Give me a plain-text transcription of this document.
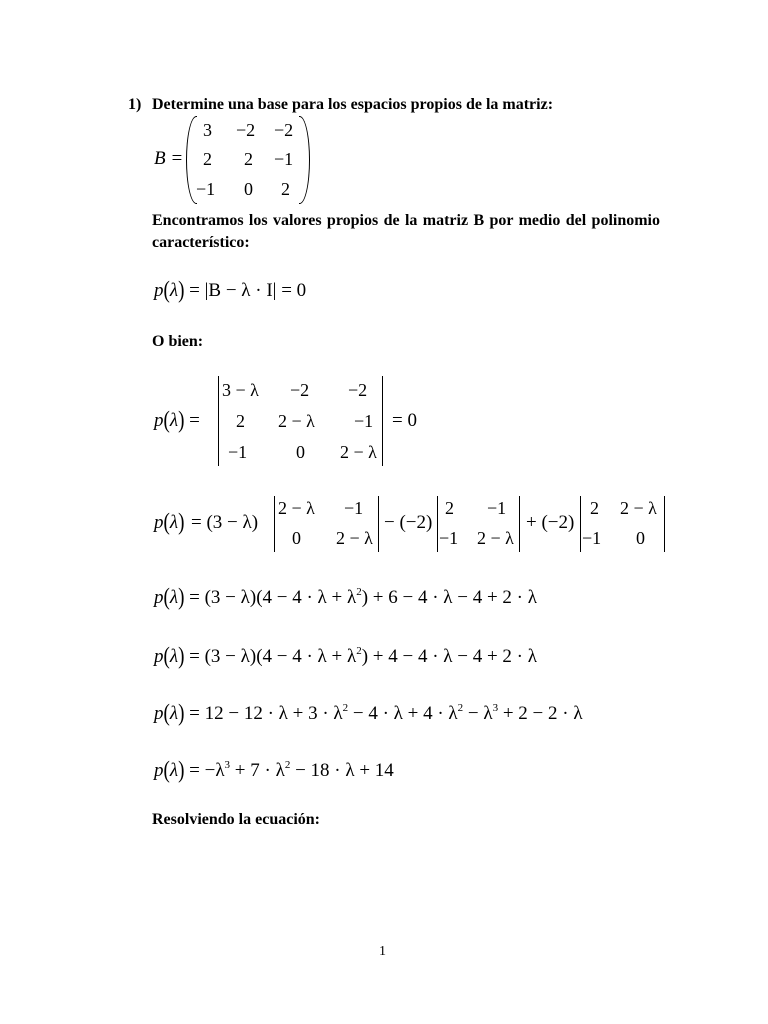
1) Determine una base para los espacios propios de la matriz:
B =
3 −2 −2
2 2 −1
−1 0 2
Encontramos los valores propios de la matriz B por medio del polinomio característico:
p(λ) = |B − λ · I| = 0
O bien:
p(λ) =
3 − λ −2 −2
2 2 − λ −1
−1	0 2 − λ
= 0
p(λ) = (3 − λ)
2 − λ −1
0 2 − λ
− (−2)
2 −1
−1 2 − λ
+ (−2)
2 2 − λ
−1 0
$p(\lambda) = (3 - \lambda)(4 - 4 \cdot \lambda + \lambda^2) + 6 - 4 \cdot \lambda - 4 + 2 \cdot \lambda$
$p(\lambda) = (3 - \lambda)(4 - 4 \cdot \lambda + \lambda^2) + 4 - 4 \cdot \lambda - 4 + 2 \cdot \lambda$
$p(\lambda) = 12 - 12 \cdot \lambda + 3 \cdot \lambda^2 - 4 \cdot \lambda + 4 \cdot \lambda^2 - \lambda^3 + 2 - 2 \cdot \lambda$
$p(\lambda) = -\lambda^3 + 7 \cdot \lambda^2 - 18 \cdot \lambda + 14$
Resolviendo la ecuación:
1
